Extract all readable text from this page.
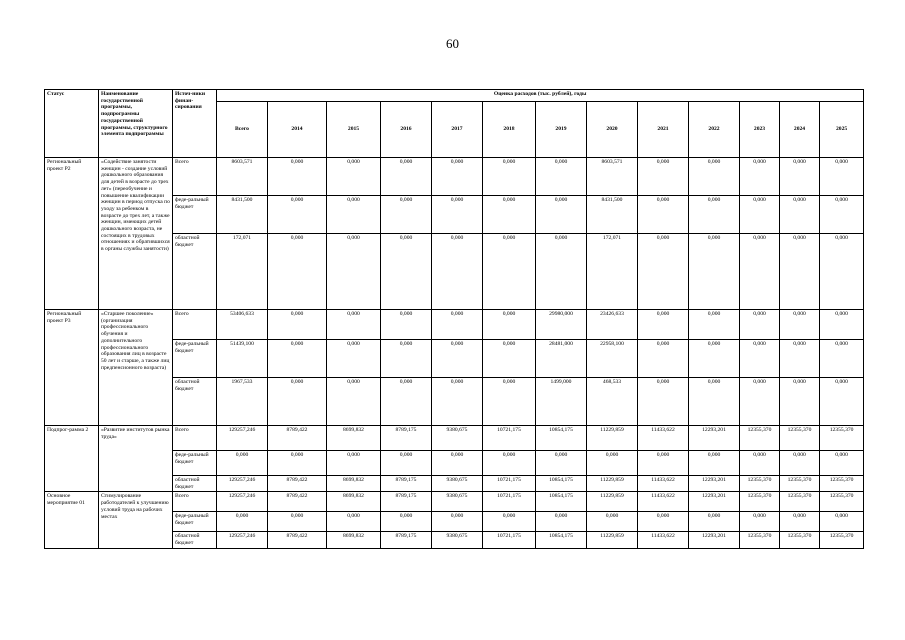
60
Статус	Наименование государственной программы, подпрограммы государственной программы, структурного элемента подпрограммы	Источ-ники финан-сирования	Оценка расходов (тыс. рублей), годы												
			Всего	2014	2015	2016	2017	2018	2019	2020	2021	2022	2023	2024	2025
Региональный проект P2	«Содействие занятости женщин - создание условий дошкольного образования для детей в возрасте до трех лет» (переобучение и повышение квалификации женщин в период отпуска по уходу за ребенком в возрасте до трех лет, а также женщин, имеющих детей дошкольного возраста, не состоящих в трудовых отношениях и обратившихся в органы службы занятости)	Всего	8603,571	0,000	0,000	0,000	0,000	0,000	0,000	8603,571	0,000	0,000	0,000	0,000	0,000
		феде-ральный бюджет	8431,500	0,000	0,000	0,000	0,000	0,000	0,000	8431,500	0,000	0,000	0,000	0,000	0,000
		областной бюджет	172,071	0,000	0,000	0,000	0,000	0,000	0,000	172,071	0,000	0,000	0,000	0,000	0,000
Региональный проект P3	«Старшее поколение» (организация профессионального обучения и дополнительного профессионального образования лиц в возрасте 50 лет и старше, а также лиц предпенсионного возраста)	Всего	53406,633	0,000	0,000	0,000	0,000	0,000	29980,000	23426,633	0,000	0,000	0,000	0,000	0,000
		феде-ральный бюджет	51439,100	0,000	0,000	0,000	0,000	0,000	28481,000	22958,100	0,000	0,000	0,000	0,000	0,000
		областной бюджет	1967,533	0,000	0,000	0,000	0,000	0,000	1499,000	468,533	0,000	0,000	0,000	0,000	0,000
Подпрог-рамма 2	«Развитие институтов рынка труда»	Всего	129257,246	8789,422	8699,832	8789,175	9380,675	10721,175	10854,175	11229,859	11433,622	12293,201	12355,370	12355,370	12355,370
		феде-ральный бюджет	0,000	0,000	0,000	0,000	0,000	0,000	0,000	0,000	0,000	0,000	0,000	0,000	0,000
		областной бюджет	129257,246	8789,422	8699,832	8789,175	9380,675	10721,175	10854,175	11229,859	11433,622	12293,201	12355,370	12355,370	12355,370
Основное мероприятие 01	Стимулирование работодателей к улучшению условий труда на рабочих местах	Всего	129257,246	8789,422	8699,832	8789,175	9380,675	10721,175	10854,175	11229,859	11433,622	12293,201	12355,370	12355,370	12355,370
		феде-ральный бюджет	0,000	0,000	0,000	0,000	0,000	0,000	0,000	0,000	0,000	0,000	0,000	0,000	0,000
		областной бюджет	129257,246	8789,422	8699,832	8789,175	9380,675	10721,175	10854,175	11229,859	11433,622	12293,201	12355,370	12355,370	12355,370
